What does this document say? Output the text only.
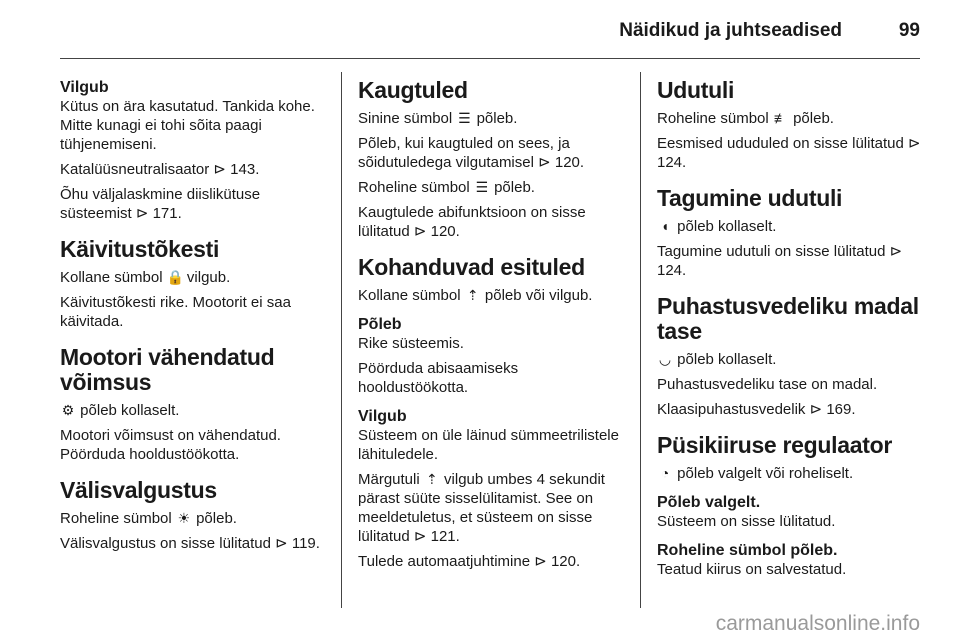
Näidikud ja juhtseadised	99
Vilgub

Kütus on ära kasutatud. Tankida kohe. Mitte kunagi ei tohi sõita paagi tühjenemiseni.

Katalüüsneutralisaator ⊳ 143.

Õhu väljalaskmine diislikütuse süsteemist ⊳ 171.

Käivitustõkesti

Kollane sümbol 🔒 vilgub.

Käivitustõkesti rike. Mootorit ei saa käivitada.

Mootori vähendatud võimsus

⚙ põleb kollaselt.

Mootori võimsust on vähendatud. Pöörduda hooldustöökotta.

Välisvalgustus

Roheline sümbol ☀ põleb.

Välisvalgustus on sisse lülitatud ⊳ 119.

Kaugtuled

Sinine sümbol ☰ põleb.

Põleb, kui kaugtuled on sees, ja sõidutuledega vilgutamisel ⊳ 120.

Roheline sümbol ☰ põleb.

Kaugtulede abifunktsioon on sisse lülitatud ⊳ 120.

Kohanduvad esituled

Kollane sümbol ⇡ põleb või vilgub.

Põleb

Rike süsteemis.

Pöörduda abisaamiseks hooldustöökotta.

Vilgub

Süsteem on üle läinud sümmeetrilistele lähituledele.

Märgutuli ⇡ vilgub umbes 4 sekundit pärast süüte sisselülitamist. See on meeldetuletus, et süsteem on sisse lülitatud ⊳ 121.

Tulede automaatjuhtimine ⊳ 120.

Udutuli

Roheline sümbol ≢ põleb.

Eesmised ududuled on sisse lülitatud ⊳ 124.

Tagumine udutuli

◖ põleb kollaselt.

Tagumine udutuli on sisse lülitatud ⊳ 124.

Puhastusvedeliku madal tase

◡ põleb kollaselt.

Puhastusvedeliku tase on madal.

Klaasipuhastusvedelik ⊳ 169.

Püsikiiruse regulaator

◔ põleb valgelt või roheliselt.

Põleb valgelt.

Süsteem on sisse lülitatud.

Roheline sümbol põleb.

Teatud kiirus on salvestatud.

carmanualsonline.info
